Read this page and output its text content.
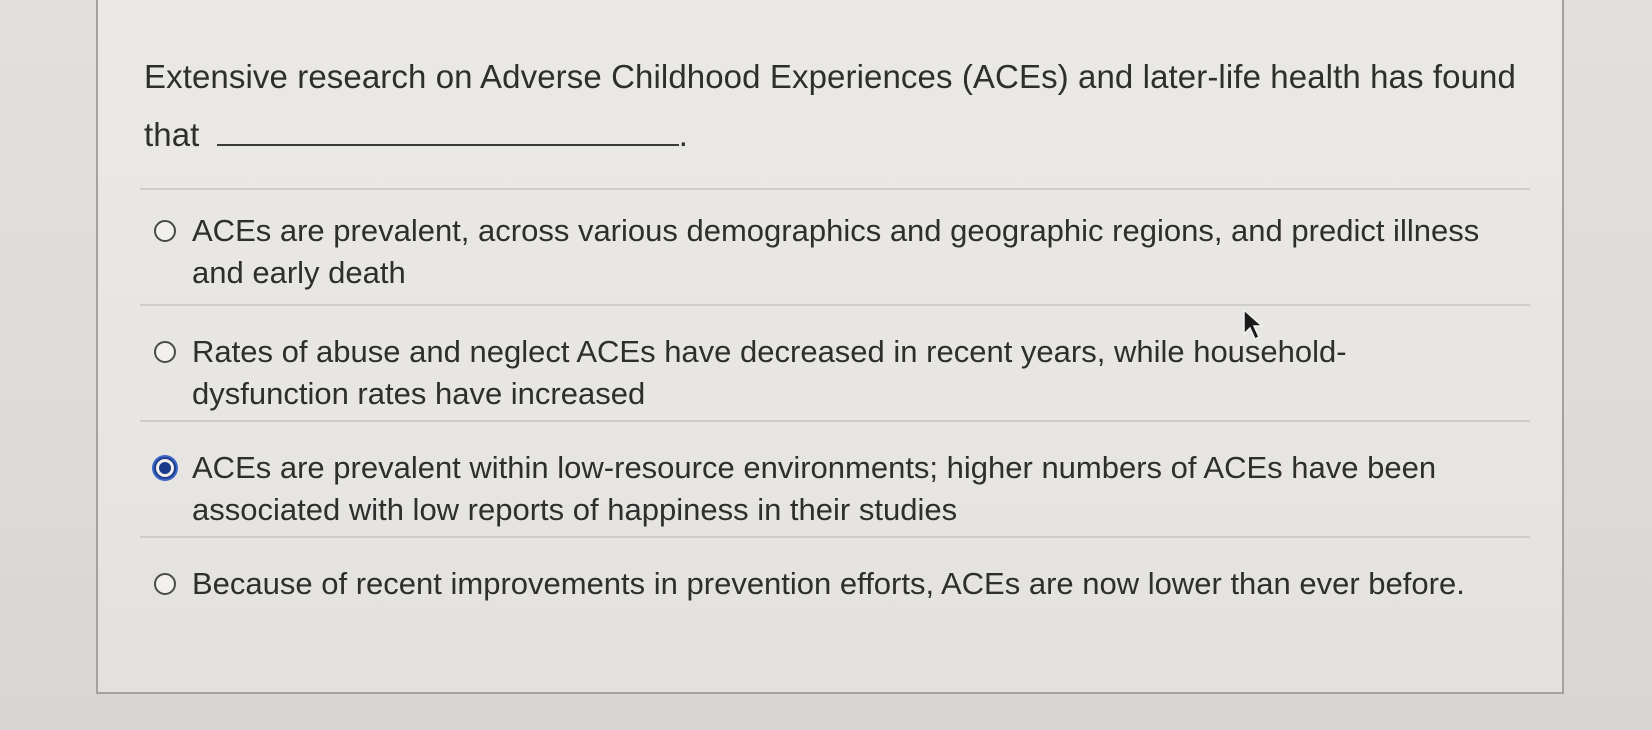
Extensive research on Adverse Childhood Experiences (ACEs) and later-life health has found that	.
ACEs are prevalent, across various demographics and geographic regions, and predict illness and early death
Rates of abuse and neglect ACEs have decreased in recent years, while household-dysfunction rates have increased
ACEs are prevalent within low-resource environments; higher numbers of ACEs have been associated with low reports of happiness in their studies
Because of recent improvements in prevention efforts, ACEs are now lower than ever before.
